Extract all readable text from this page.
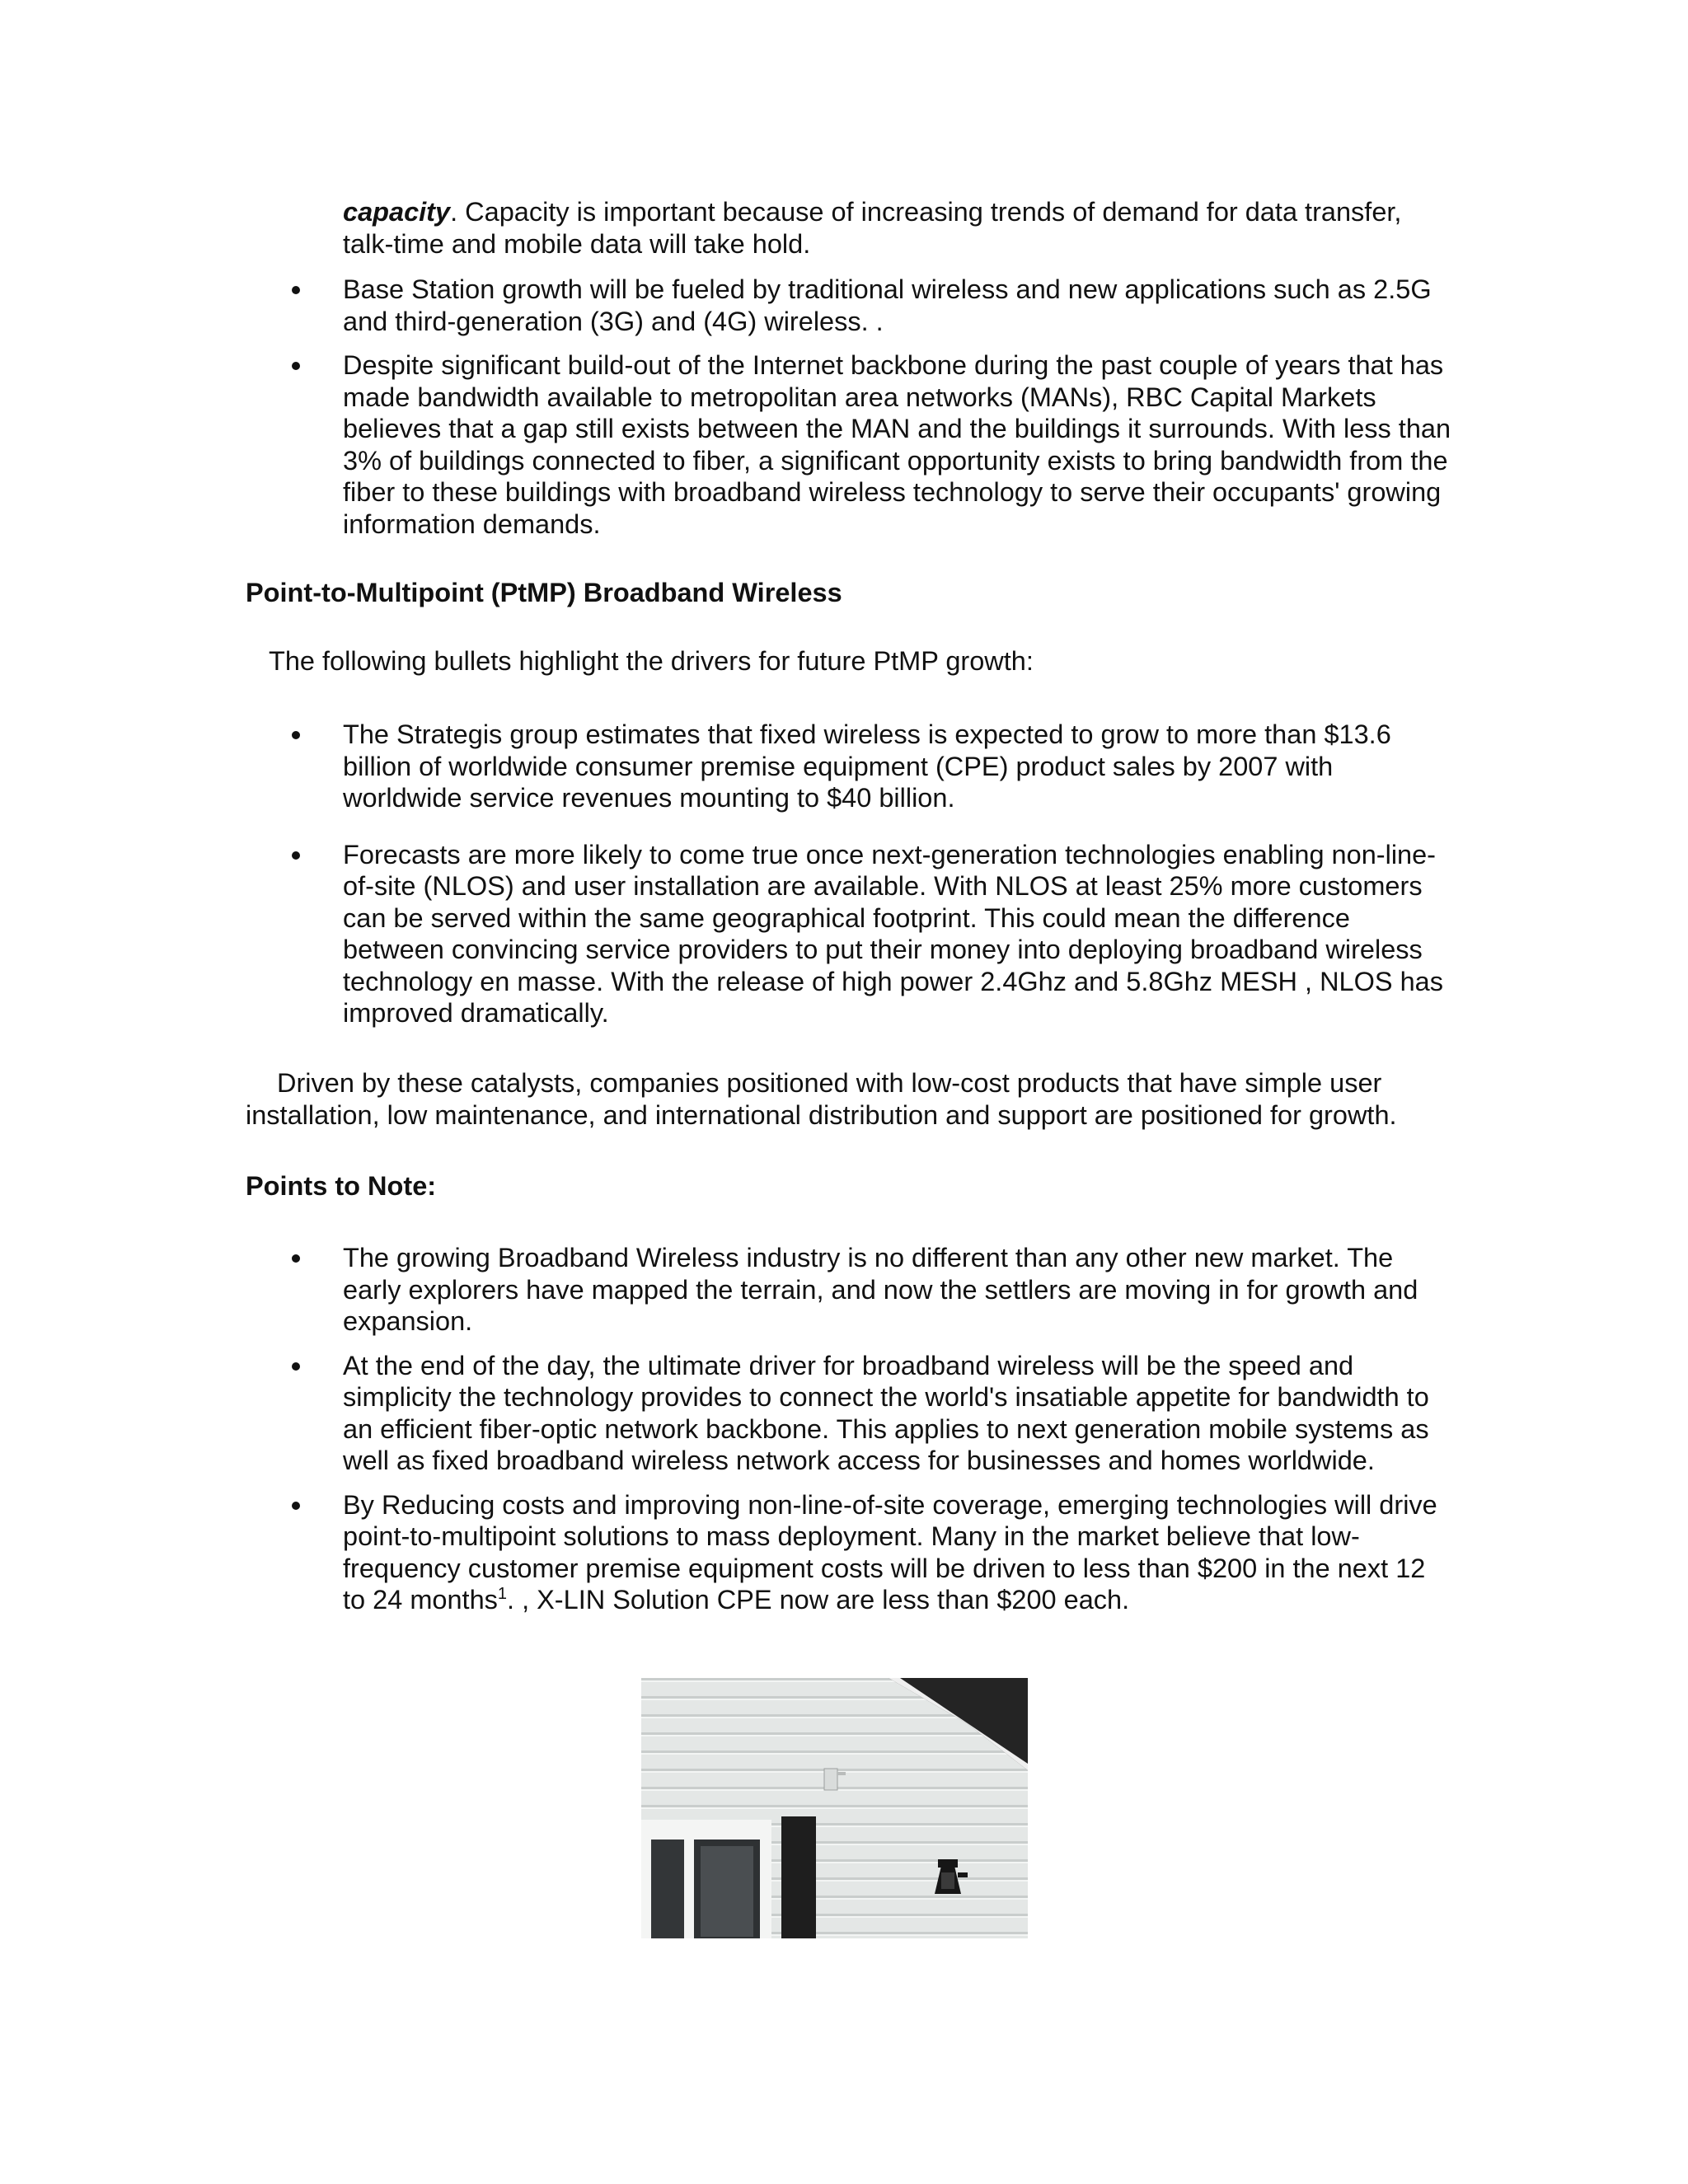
capacity. Capacity is important because of increasing trends of demand for data transfer, talk-time and mobile data will take hold.
Base Station growth will be fueled by traditional wireless and new applications such as 2.5G and third-generation (3G) and (4G) wireless. .
Despite significant build-out of the Internet backbone during the past couple of years that has made bandwidth available to metropolitan area networks (MANs), RBC Capital Markets believes that a gap still exists between the MAN and the buildings it surrounds. With less than 3% of buildings connected to fiber, a significant opportunity exists to bring bandwidth from the fiber to these buildings with broadband wireless technology to serve their occupants' growing information demands.
Point-to-Multipoint (PtMP) Broadband Wireless
The following bullets highlight the drivers for future PtMP growth:
The Strategis group estimates that fixed wireless is expected to grow to more than $13.6 billion of worldwide consumer premise equipment (CPE) product sales by 2007 with worldwide service revenues mounting to $40 billion.
Forecasts are more likely to come true once next-generation technologies enabling non-line-of-site (NLOS) and user installation are available. With NLOS at least 25% more customers can be served within the same geographical footprint. This could mean the difference between convincing service providers to put their money into deploying broadband wireless technology en masse. With the release of high power 2.4Ghz and 5.8Ghz MESH , NLOS has improved dramatically.
Driven by these catalysts, companies positioned with low-cost products that have simple user installation, low maintenance, and international distribution and support are positioned for growth.
Points to Note:
The growing Broadband Wireless industry is no different than any other new market. The early explorers have mapped the terrain, and now the settlers are moving in for growth and expansion.
At the end of the day, the ultimate driver for broadband wireless will be the speed and simplicity the technology provides to connect the world's insatiable appetite for bandwidth to an efficient fiber-optic network backbone. This applies to next generation mobile systems as well as fixed broadband wireless network access for businesses and homes worldwide.
By Reducing costs and improving non-line-of-site coverage, emerging technologies will drive point-to-multipoint solutions to mass deployment. Many in the market believe that low-frequency customer premise equipment costs will be driven to less than $200 in the next 12 to 24 months$^1$. , X-LIN Solution CPE now are less than $200 each.
